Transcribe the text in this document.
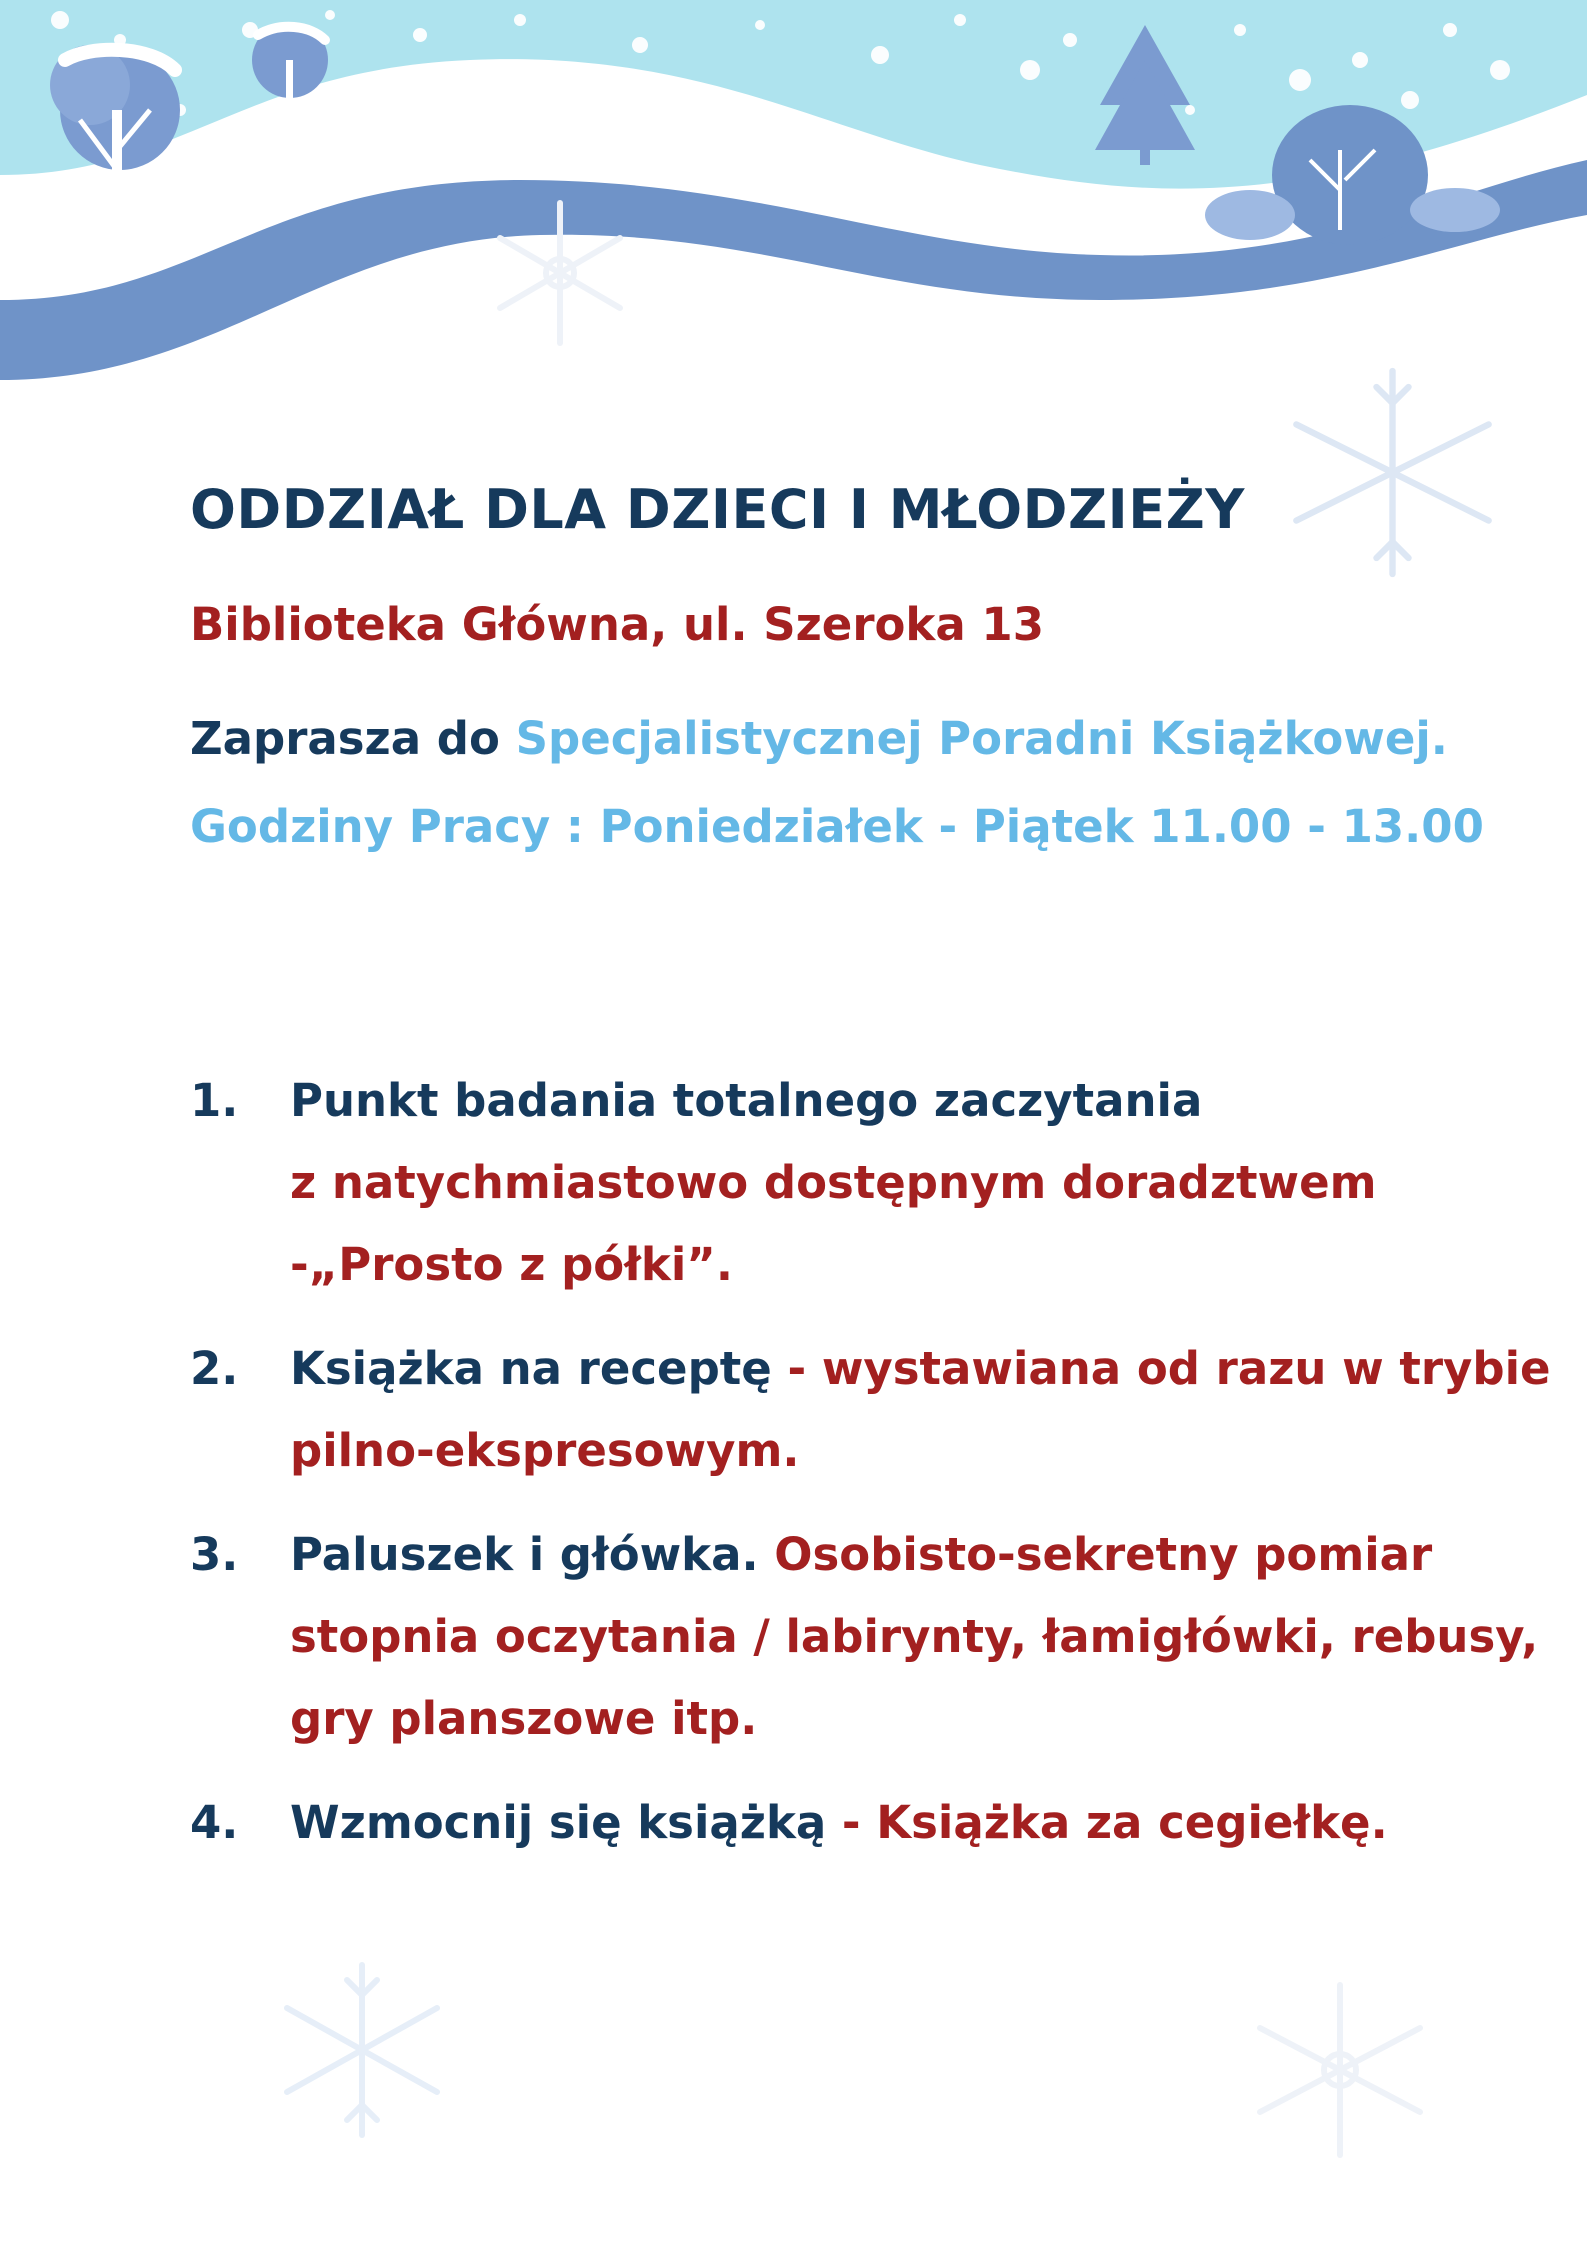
ODDZIAŁ DLA DZIECI I MŁODZIEŻY

Biblioteka Główna, ul. Szeroka 13

Zaprasza do Specjalistycznej Poradni Książkowej.

Godziny Pracy : Poniedziałek - Piątek 11.00 - 13.00

1. Punkt badania totalnego zaczytania
z natychmiastowo dostępnym doradztwem
-„Prosto z półki”.
2. Książka na receptę - wystawiana od razu w trybie
pilno-ekspresowym.
3. Paluszek i główka. Osobisto-sekretny pomiar
stopnia oczytania / labirynty, łamigłówki, rebusy,
gry planszowe itp.
4. Wzmocnij się książką - Książka za cegiełkę.
